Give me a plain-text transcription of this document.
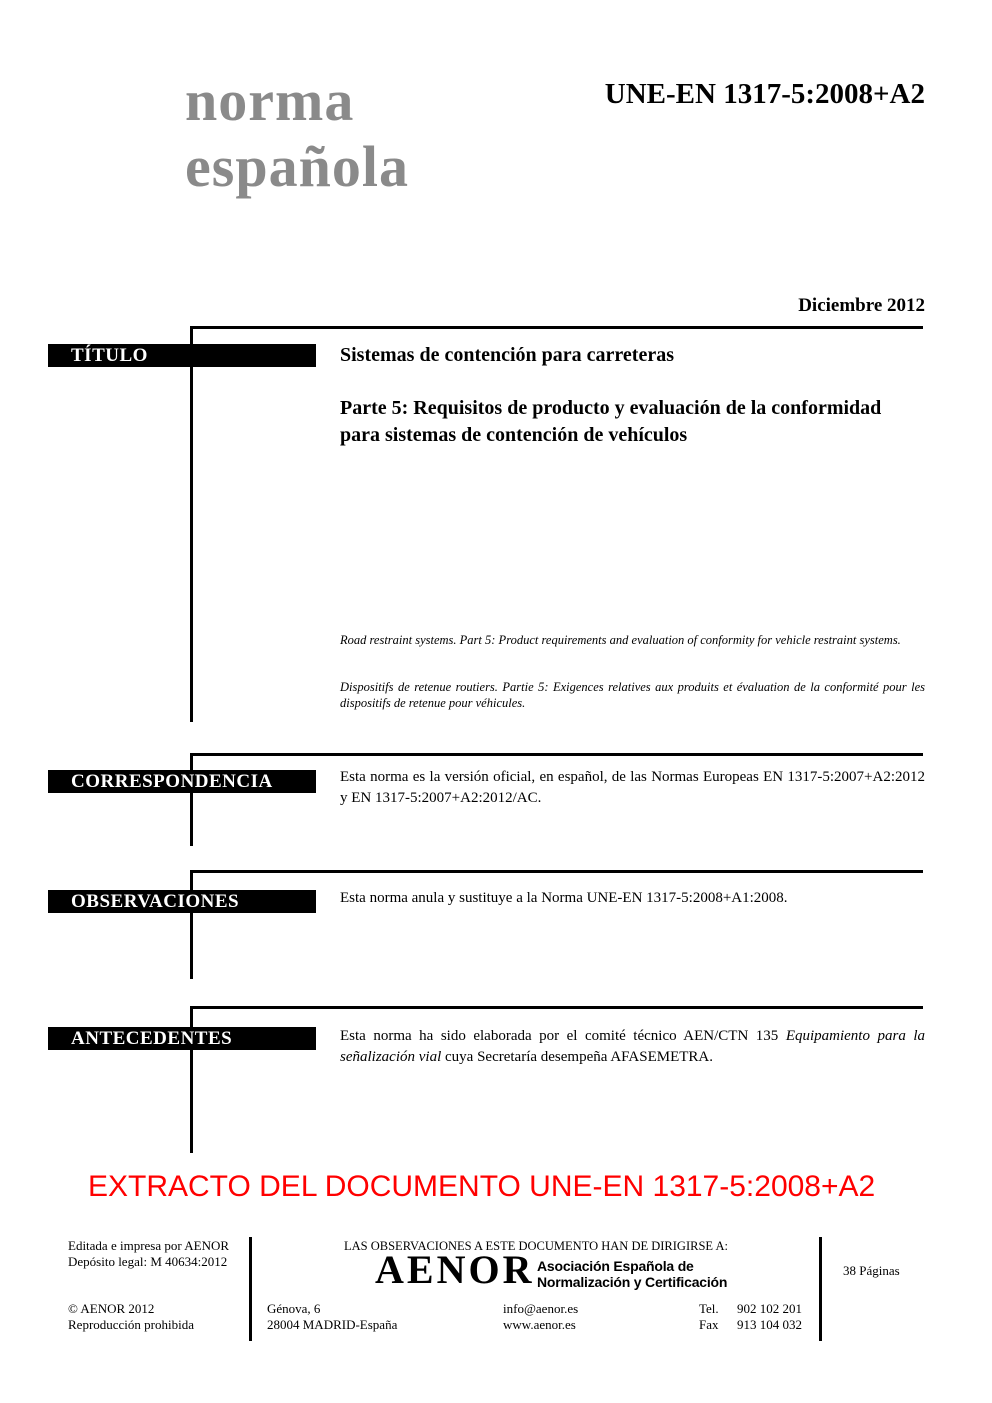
norma
española
UNE-EN 1317-5:2008+A2
Diciembre 2012
TÍTULO	Sistemas de contención para carreteras
Parte 5: Requisitos de producto y evaluación de la conformidad para sistemas de contención de vehículos
Road restraint systems. Part 5: Product requirements and evaluation of conformity for vehicle restraint systems.
Dispositifs de retenue routiers. Partie 5: Exigences relatives aux produits et évaluation de la conformité pour les dispositifs de retenue pour véhicules.
CORRESPONDENCIA	Esta norma es la versión oficial, en español, de las Normas Europeas EN 1317-5:2007+A2:2012 y EN 1317-5:2007+A2:2012/AC.
OBSERVACIONES	Esta norma anula y sustituye a la Norma UNE-EN 1317-5:2008+A1:2008.
ANTECEDENTES	Esta norma ha sido elaborada por el comité técnico AEN/CTN 135 Equipamiento para la señalización vial cuya Secretaría desempeña AFASEMETRA.
EXTRACTO DEL DOCUMENTO UNE-EN 1317-5:2008+A2
Editada e impresa por AENOR
Depósito legal: M 40634:2012
© AENOR 2012
Reproducción prohibida
LAS OBSERVACIONES A ESTE DOCUMENTO HAN DE DIRIGIRSE A:
AENOR Asociación Española de
Normalización y Certificación
Génova, 6
28004 MADRID-España
info@aenor.es
www.aenor.es
Tel.	902 102 201
Fax	913 104 032
38 Páginas
